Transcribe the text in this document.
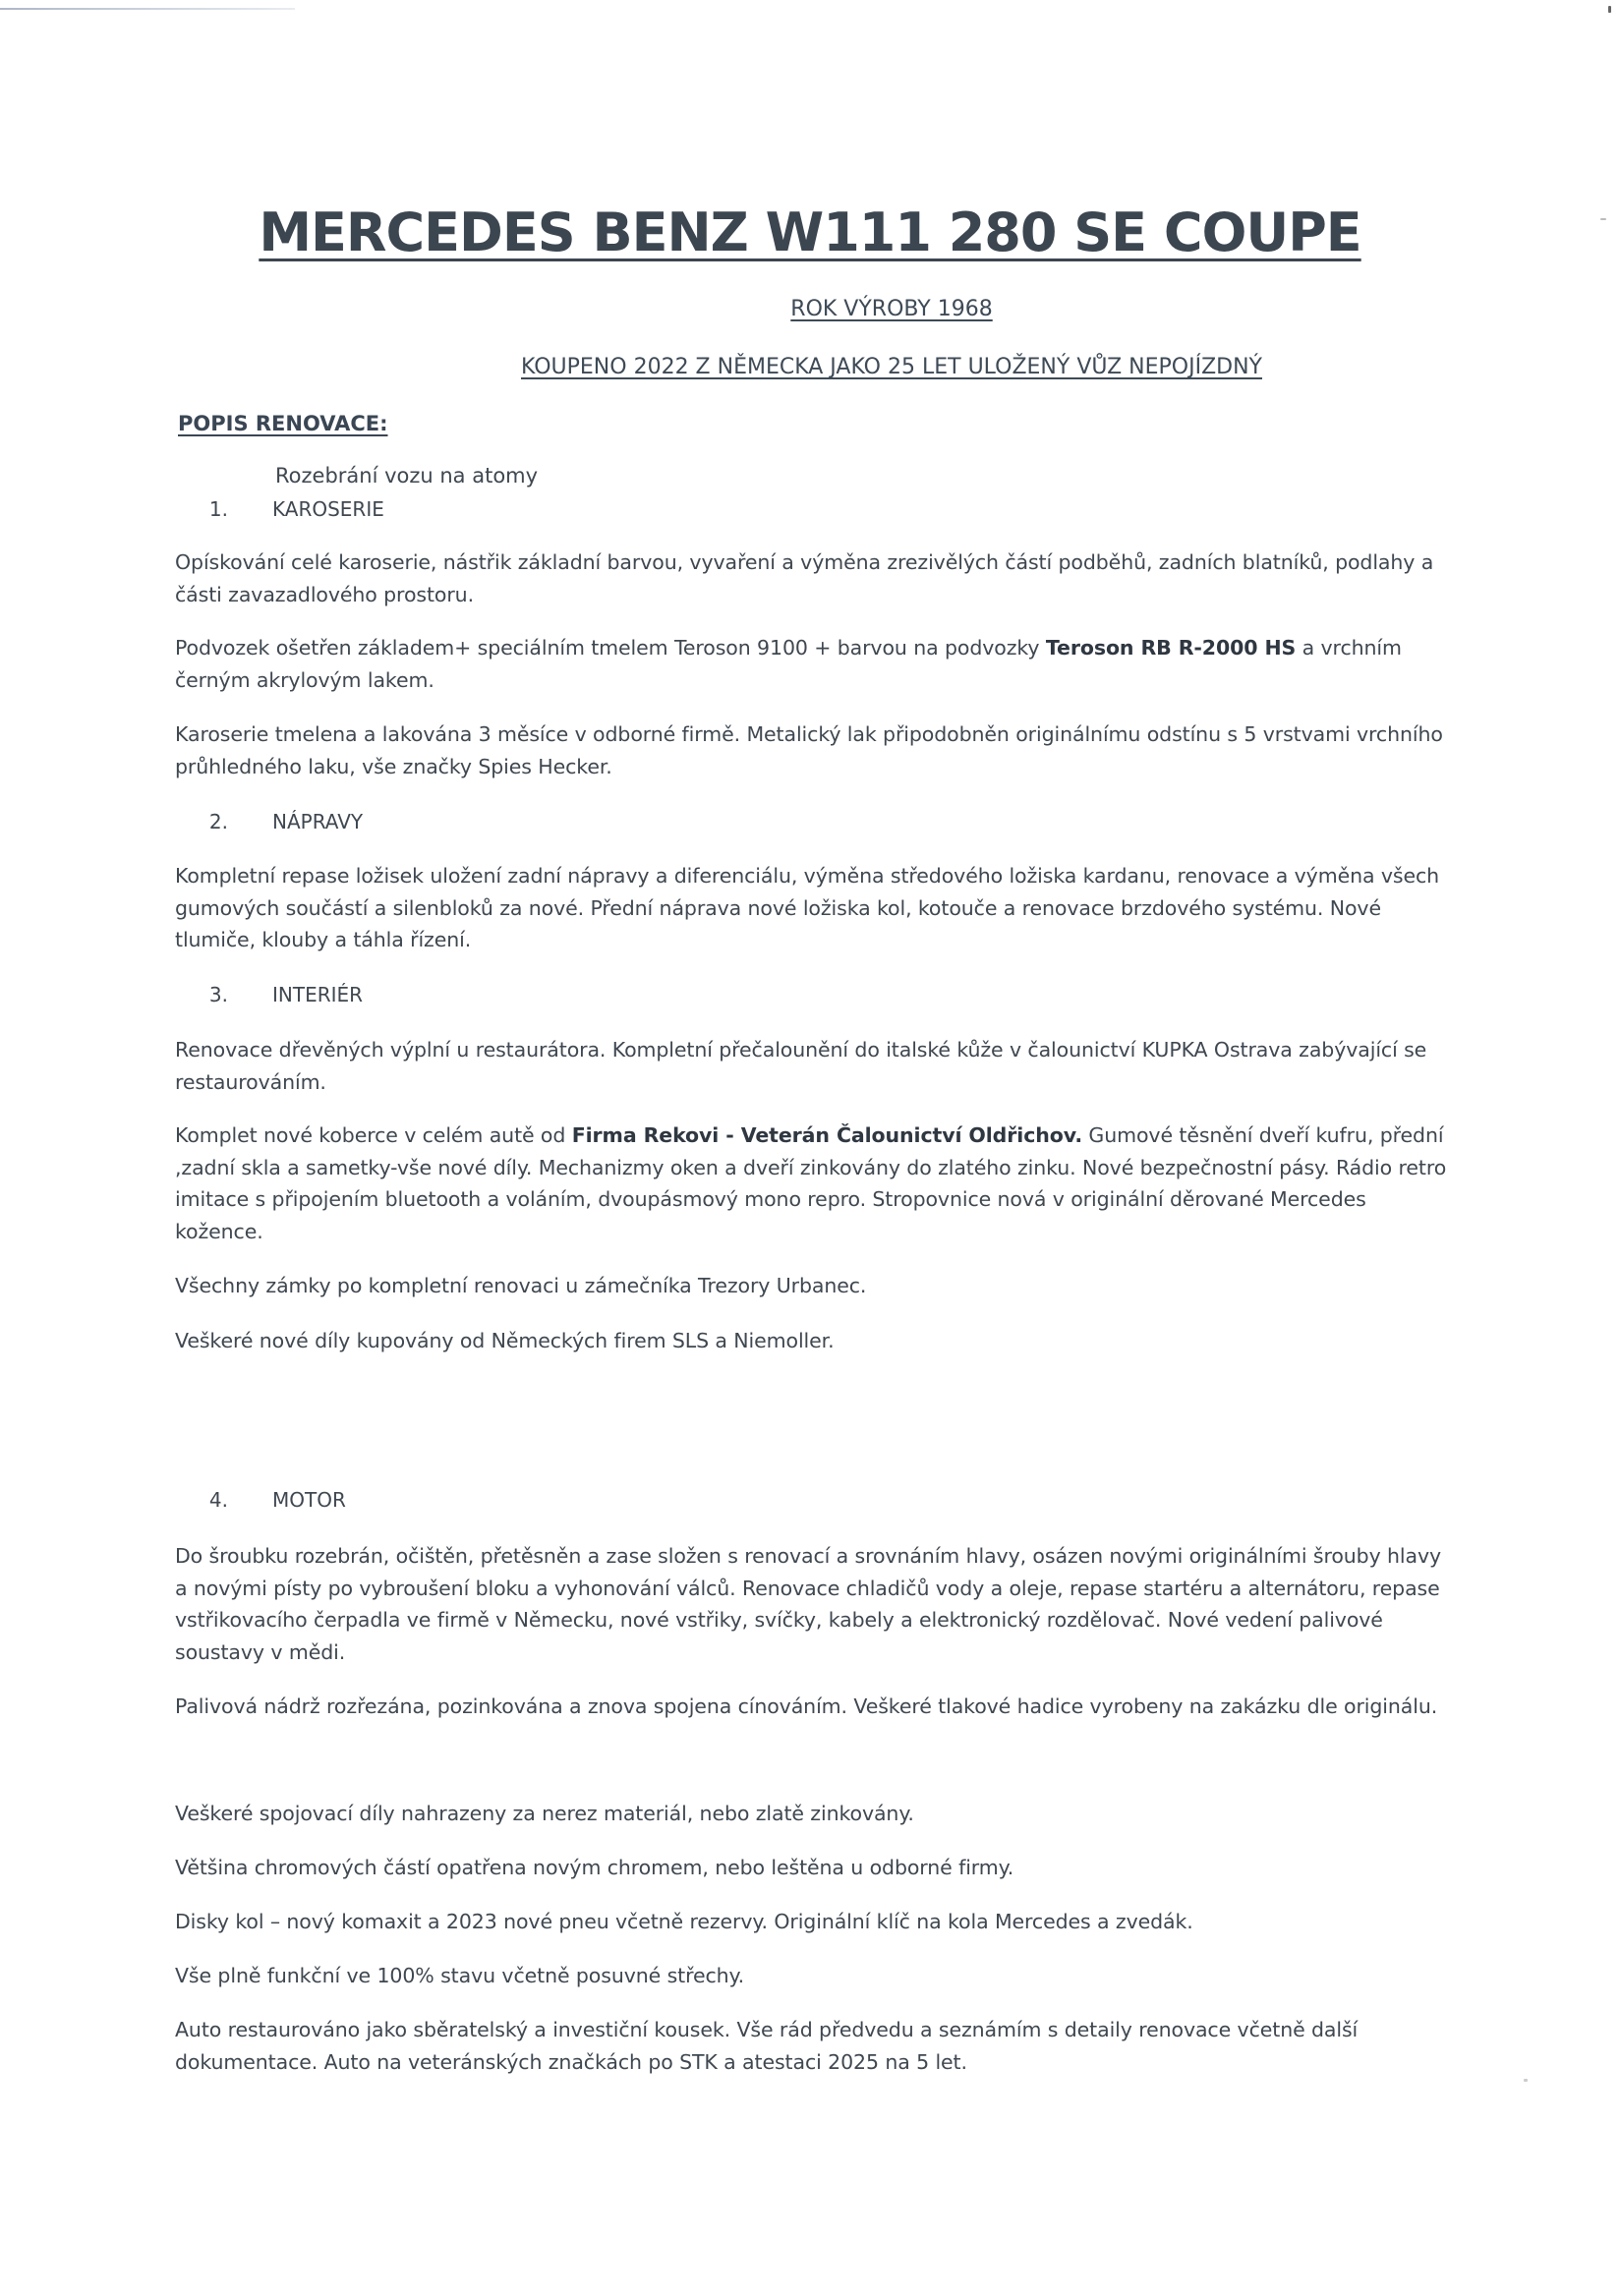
MERCEDES BENZ W111 280 SE COUPE

ROK VÝROBY 1968

KOUPENO 2022 Z NĚMECKA JAKO 25 LET ULOŽENÝ VŮZ NEPOJÍZDNÝ

POPIS RENOVACE:
Rozebrání vozu na atomy
1. KAROSERIE

Opískování celé karoserie, nástřik základní barvou, vyvaření a výměna zrezivělých částí podběhů, zadních blatníků, podlahy a části zavazadlového prostoru.

Podvozek ošetřen základem+ speciálním tmelem Teroson 9100 + barvou na podvozky Teroson RB R-2000 HS a vrchním černým akrylovým lakem.

Karoserie tmelena a lakována 3 měsíce v odborné firmě. Metalický lak připodobněn originálnímu odstínu s 5 vrstvami vrchního průhledného laku, vše značky Spies Hecker.

2. NÁPRAVY

Kompletní repase ložisek uložení zadní nápravy a diferenciálu, výměna středového ložiska kardanu, renovace a výměna všech gumových součástí a silenbloků za nové. Přední náprava nové ložiska kol, kotouče a renovace brzdového systému. Nové tlumiče, klouby a táhla řízení.

3. INTERIÉR

Renovace dřevěných výplní u restaurátora. Kompletní přečalounění do italské kůže v čalounictví KUPKA Ostrava zabývající se restaurováním.

Komplet nové koberce v celém autě od Firma Rekovi - Veterán Čalounictví Oldřichov. Gumové těsnění dveří kufru, přední ,zadní skla a sametky-vše nové díly. Mechanizmy oken a dveří zinkovány do zlatého zinku. Nové bezpečnostní pásy. Rádio retro imitace s připojením bluetooth a voláním, dvoupásmový mono repro. Stropovnice nová v originální děrované Mercedes kožence.

Všechny zámky po kompletní renovaci u zámečníka Trezory Urbanec.

Veškeré nové díly kupovány od Německých firem SLS a Niemoller.

4. MOTOR

Do šroubku rozebrán, očištěn, přetěsněn a zase složen s renovací a srovnáním hlavy, osázen novými originálními šrouby hlavy a novými písty po vybroušení bloku a vyhonování válců. Renovace chladičů vody a oleje, repase startéru a alternátoru, repase vstřikovacího čerpadla ve firmě v Německu, nové vstřiky, svíčky, kabely a elektronický rozdělovač. Nové vedení palivové soustavy v mědi.

Palivová nádrž rozřezána, pozinkována a znova spojena cínováním. Veškeré tlakové hadice vyrobeny na zakázku dle originálu.

Veškeré spojovací díly nahrazeny za nerez materiál, nebo zlatě zinkovány.

Většina chromových částí opatřena novým chromem, nebo leštěna u odborné firmy.

Disky kol – nový komaxit a 2023 nové pneu včetně rezervy. Originální klíč na kola Mercedes a zvedák.

Vše plně funkční ve 100% stavu včetně posuvné střechy.

Auto restaurováno jako sběratelský a investiční kousek. Vše rád předvedu a seznámím s detaily renovace včetně další dokumentace. Auto na veteránských značkách po STK a atestaci 2025 na 5 let.
